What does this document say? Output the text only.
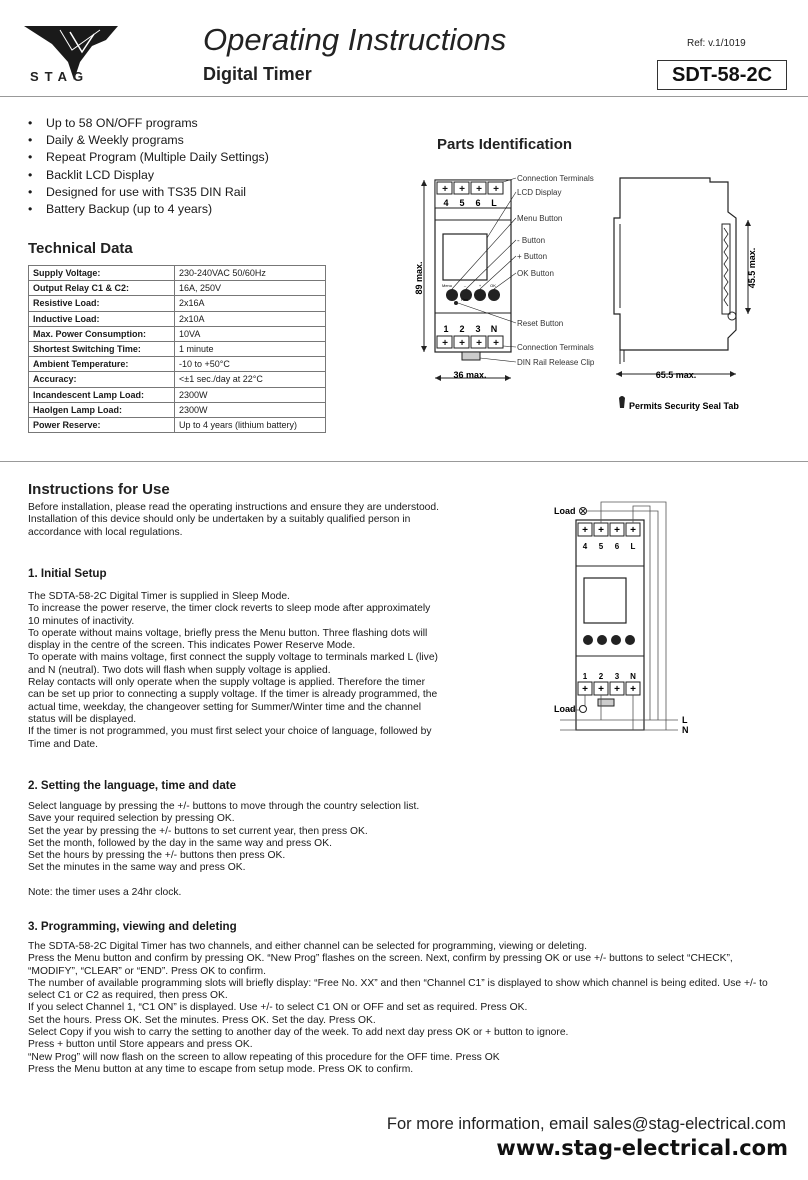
STAG
Operating Instructions
Digital Timer
Ref: v.1/1019
SDT-58-2C
• Up to 58 ON/OFF programs
• Daily & Weekly programs
• Repeat Program (Multiple Daily Settings)
• Backlit LCD Display
• Designed for use with TS35 DIN Rail
• Battery Backup (up to 4 years)
Technical Data
Supply Voltage:	230-240VAC 50/60Hz
Output Relay C1 & C2:	16A, 250V
Resistive Load:	2x16A
Inductive Load:	2x10A
Max. Power Consumption:	10VA
Shortest Switching Time:	1 minute
Ambient Temperature:	-10 to +50°C
Accuracy:	<±1 sec./day at 22°C
Incandescent Lamp Load:	2300W
Haolgen Lamp Load:	2300W
Power Reserve:	Up to 4 years (lithium battery)
Parts Identification
+ + + +
4 5 6 L
Menu	–	+ OK
Res
1 2 3 N
+ + + +
89 max.
36 max.
Connection Terminals
LCD Display
Menu Button
- Button
+ Button
OK Button
Reset Button
Connection Terminals
DIN Rail Release Clip
45.5 max.
65.5 max.
Permits Security Seal Tab
Load
+ + + +
4 5 6 L
1 2 3 N
+ + + +
Load
L
N
Instructions for Use

Before installation, please read the operating instructions and ensure they are understood.

Installation of this device should only be undertaken by a suitably qualified person in

accordance with local regulations.

1. Initial Setup

The SDTA-58-2C Digital Timer is supplied in Sleep Mode.

To increase the power reserve, the timer clock reverts to sleep mode after approximately

10 minutes of inactivity.

To operate without mains voltage, briefly press the Menu button. Three flashing dots will

display in the centre of the screen. This indicates Power Reserve Mode.

To operate with mains voltage, first connect the supply voltage to terminals marked L (live)

and N (neutral). Two dots will flash when supply voltage is applied.

Relay contacts will only operate when the supply voltage is applied. Therefore the timer

can be set up prior to connecting a supply voltage. If the timer is already programmed, the

actual time, weekday, the changeover setting for Summer/Winter time and the channel

status will be displayed.

If the timer is not programmed, you must first select your choice of language, followed by

Time and Date.

2. Setting the language, time and date

Select language by pressing the +/- buttons to move through the country selection list.

Save your required selection by pressing OK.

Set the year by pressing the +/- buttons to set current year, then press OK.

Set the month, followed by the day in the same way and press OK.

Set the hours by pressing the +/- buttons then press OK.

Set the minutes in the same way and press OK.

Note: the timer uses a 24hr clock.

3. Programming, viewing and deleting

The SDTA-58-2C Digital Timer has two channels, and either channel can be selected for programming, viewing or deleting.

Press the Menu button and confirm by pressing OK. “New Prog” flashes on the screen. Next, confirm by pressing OK or use +/- buttons to select “CHECK”,

“MODIFY”, “CLEAR” or “END”. Press OK to confirm.

The number of available programming slots will briefly display: “Free No. XX” and then “Channel C1” is displayed to show which channel is being edited. Use +/- to

select C1 or C2 as required, then press OK.

If you select Channel 1, “C1 ON” is displayed. Use +/- to select C1 ON or OFF and set as required. Press OK.

Set the hours. Press OK. Set the minutes. Press OK. Set the day. Press OK.

Select Copy if you wish to carry the setting to another day of the week. To add next day press OK or + button to ignore.

Press + button until Store appears and press OK.

“New Prog” will now flash on the screen to allow repeating of this procedure for the OFF time. Press OK

Press the Menu button at any time to escape from setup mode. Press OK to confirm.

For more information, email sales@stag-electrical.com
www.stag-electrical.com
